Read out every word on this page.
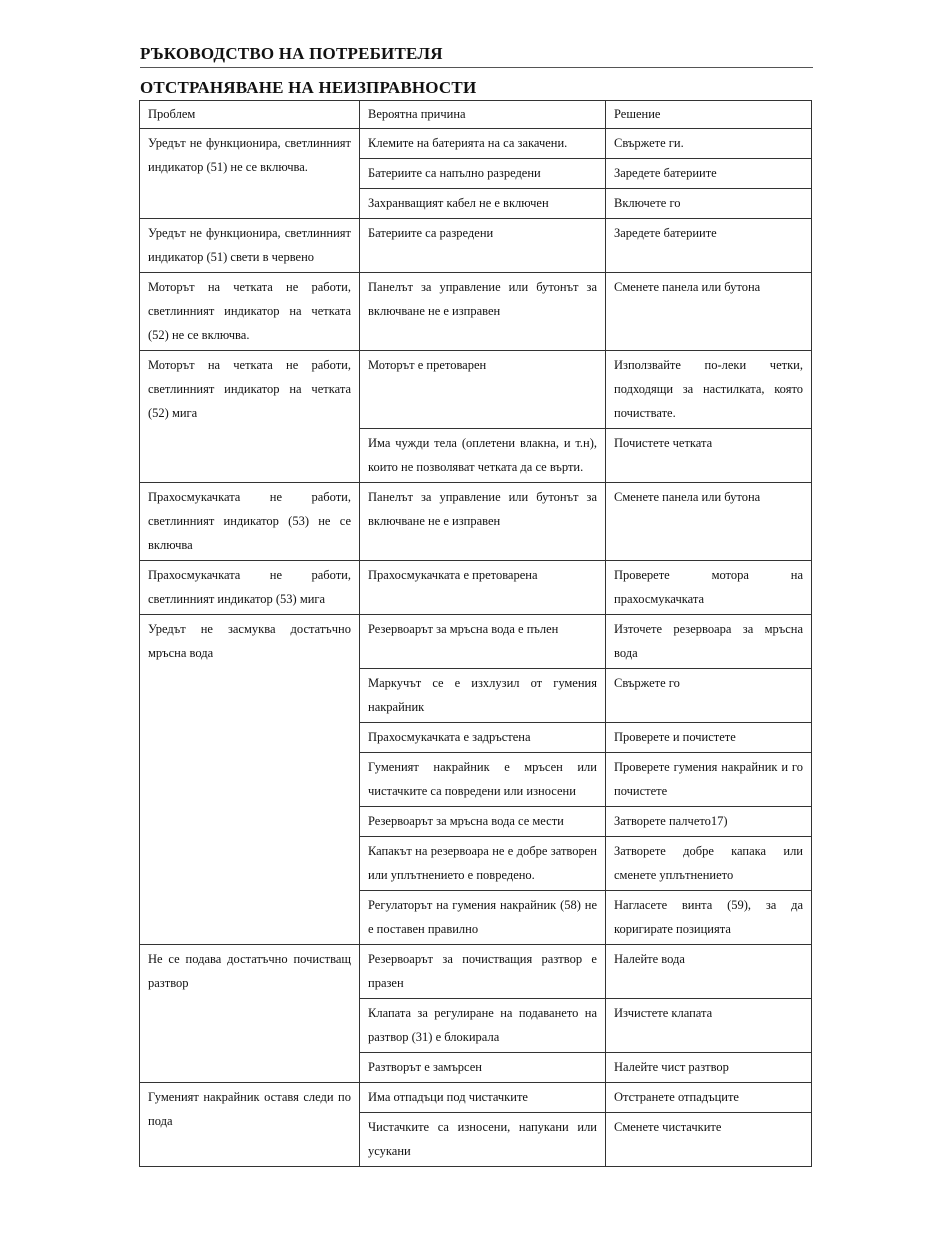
РЪКОВОДСТВО НА ПОТРЕБИТЕЛЯ
ОТСТРАНЯВАНЕ НА НЕИЗПРАВНОСТИ
Проблем	Вероятна причина	Решение
Уредът не функционира, светлинният индикатор (51) не се включва.	Клемите на батерията на са закачени.	Свържете ги.
	Батериите са напълно разредени	Заредете батериите
	Захранващият кабел не е включен	Включете го
Уредът не функционира, светлинният индикатор (51) свети в червено	Батериите са разредени	Заредете батериите
Моторът на четката не работи, светлинният индикатор на четката (52) не се включва.	Панелът за управление или бутонът за включване не е изправен	Сменете панела или бутона
Моторът на четката не работи, светлинният индикатор на четката (52) мига	Моторът е претоварен	Използвайте по-леки четки, подходящи за настилката, която почиствате.
	Има чужди тела (оплетени влакна, и т.н), които не позволяват четката да се върти.	Почистете четката
Прахосмукачката не работи, светлинният индикатор (53) не се включва	Панелът за управление или бутонът за включване не е изправен	Сменете панела или бутона
Прахосмукачката не работи, светлинният индикатор (53) мига	Прахосмукачката е претоварена	Проверете мотора на прахосмукачката
Уредът не засмуква достатъчно мръсна вода	Резервоарът за мръсна вода е пълен	Източете резервоара за мръсна вода
	Маркучът се е изхлузил от гумения накрайник	Свържете го
	Прахосмукачката е задръстена	Проверете и почистете
	Гуменият накрайник е мръсен или чистачките са повредени или износени	Проверете гумения накрайник и го почистете
	Резервоарът за мръсна вода се мести	Затворете палчето17)
	Капакът на резервоара не е добре затворен или уплътнението е повредено.	Затворете добре капака или сменете уплътнението
	Регулаторът на гумения накрайник (58) не е поставен правилно	Нагласете винта (59), за да коригирате позицията
Не се подава достатъчно почистващ разтвор	Резервоарът за почистващия разтвор е празен	Налейте вода
	Клапата за регулиране на подаването на разтвор (31) е блокирала	Изчистете клапата
	Разтворът е замърсен	Налейте чист разтвор
Гуменият накрайник оставя следи по пода	Има отпадъци под чистачките	Отстранете отпадъците
	Чистачките са износени, напукани или усукани	Сменете чистачките
